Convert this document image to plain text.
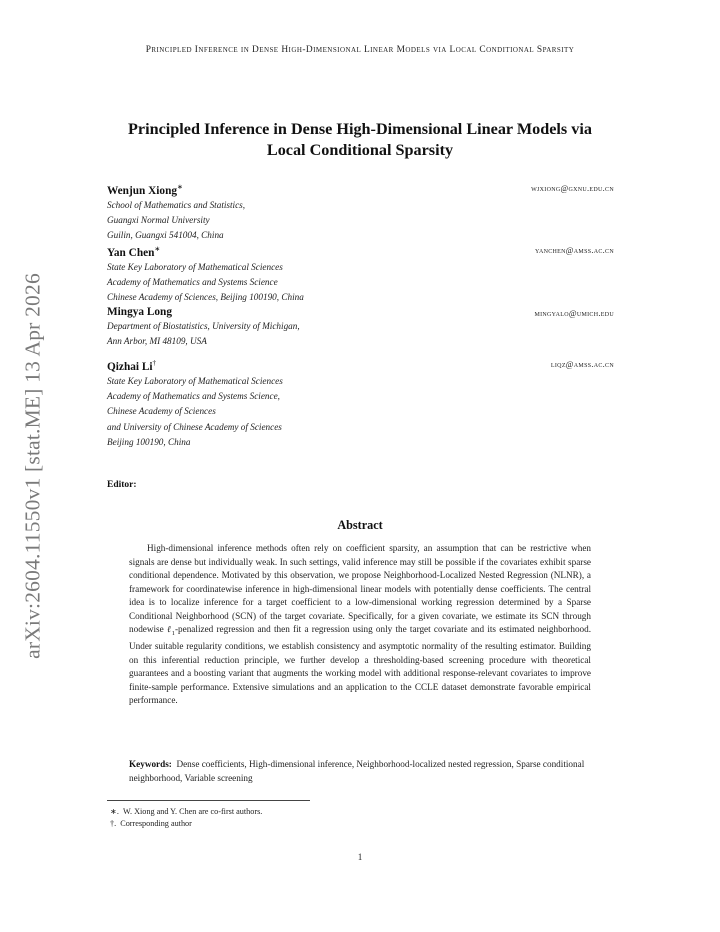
Principled Inference in Dense High-Dimensional Linear Models via Local Conditional Sparsity
arXiv:2604.11550v1 [stat.ME] 13 Apr 2026
Principled Inference in Dense High-Dimensional Linear Models via Local Conditional Sparsity
Wenjun Xiong∗	wjxiong@gxnu.edu.cn
School of Mathematics and Statistics,
Guangxi Normal University
Guilin, Guangxi 541004, China
Yan Chen∗	yanchen@amss.ac.cn
State Key Laboratory of Mathematical Sciences
Academy of Mathematics and Systems Science
Chinese Academy of Sciences, Beijing 100190, China
Mingya Long	mingyalo@umich.edu
Department of Biostatistics, University of Michigan,
Ann Arbor, MI 48109, USA
Qizhai Li†	liqz@amss.ac.cn
State Key Laboratory of Mathematical Sciences
Academy of Mathematics and Systems Science,
Chinese Academy of Sciences
and University of Chinese Academy of Sciences
Beijing 100190, China
Editor:
Abstract

High-dimensional inference methods often rely on coefficient sparsity, an assumption that can be restrictive when signals are dense but individually weak. In such settings, valid inference may still be possible if the covariates exhibit sparse conditional dependence. Motivated by this observation, we propose Neighborhood-Localized Nested Regression (NLNR), a framework for coordinatewise inference in high-dimensional linear models with potentially dense coefficients. The central idea is to localize inference for a target coefficient to a low-dimensional working regression determined by a Sparse Conditional Neighborhood (SCN) of the target covariate. Specifically, for a given covariate, we estimate its SCN through nodewise ℓ$_1$-penalized regression and then fit a regression using only the target covariate and its estimated neighborhood. Under suitable regularity conditions, we establish consistency and asymptotic normality of the resulting estimator. Building on this inferential reduction principle, we further develop a thresholding-based screening procedure with theoretical guarantees and a boosting variant that augments the working model with additional response-relevant covariates to improve finite-sample performance. Extensive simulations and an application to the CCLE dataset demonstrate favorable empirical performance.

Keywords: Dense coefficients, High-dimensional inference, Neighborhood-localized nested regression, Sparse conditional neighborhood, Variable screening

∗. W. Xiong and Y. Chen are co-first authors.
†. Corresponding author
1
